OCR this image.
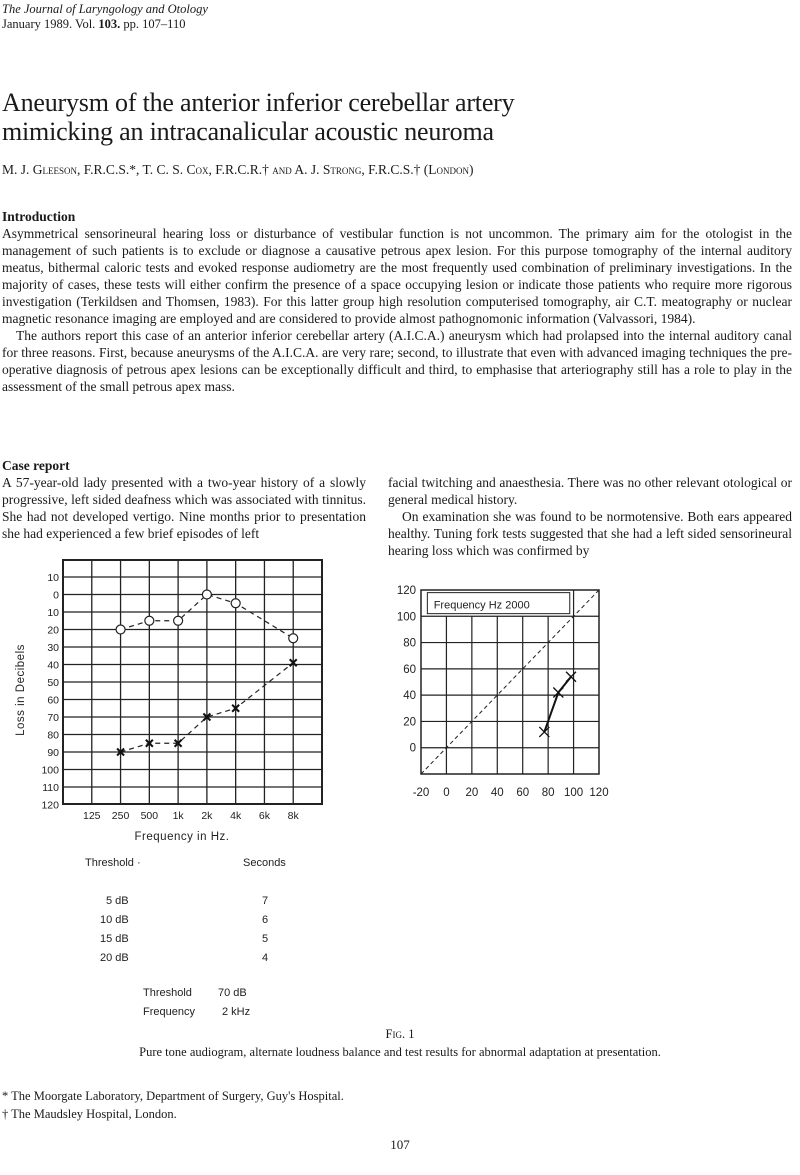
The Journal of Laryngology and Otology
January 1989. Vol. 103. pp. 107–110
Aneurysm of the anterior inferior cerebellar artery
mimicking an intracanalicular acoustic neuroma
M. J. Gleeson, F.R.C.S.*, T. C. S. Cox, F.R.C.R.† and A. J. Strong, F.R.C.S.† (London)
Introduction

Asymmetrical sensorineural hearing loss or disturbance of vestibular function is not uncommon. The primary aim for the otologist in the management of such patients is to exclude or diagnose a causative petrous apex lesion. For this purpose tomography of the internal auditory meatus, bithermal caloric tests and evoked response audiometry are the most frequently used combination of preliminary investigations. In the majority of cases, these tests will either confirm the presence of a space occupying lesion or indicate those patients who require more rigorous investigation (Terkildsen and Thomsen, 1983). For this latter group high resolution computerised tomography, air C.T. meatography or nuclear magnetic resonance imaging are employed and are considered to provide almost pathognomonic information (Valvassori, 1984).

The authors report this case of an anterior inferior cerebellar artery (A.I.C.A.) aneurysm which had prolapsed into the internal auditory canal for three reasons. First, because aneurysms of the A.I.C.A. are very rare; second, to illustrate that even with advanced imaging techniques the pre-operative diagnosis of petrous apex lesions can be exceptionally difficult and third, to emphasise that arteriography still has a role to play in the assessment of the small petrous apex mass.

Case report

A 57-year-old lady presented with a two-year history of a slowly progressive, left sided deafness which was associated with tinnitus. She had not developed vertigo. Nine months prior to presentation she had experienced a few brief episodes of left

facial twitching and anaesthesia. There was no other relevant otological or general medical history.

On examination she was found to be normotensive. Both ears appeared healthy. Tuning fork tests suggested that she had a left sided sensorineural hearing loss which was confirmed by

10
0
10
20
30
40
50
60
70
80
90
100
110
120
125 250 500 1k 2k 4k 6k 8k
Frequency in Hz.
Loss in Decibels
Frequency Hz 2000
-20 0 20 40 60 80 100 120
120
100
80
60
40
20
0
Threshold ·	Seconds
5 dB	7
10 dB	6
15 dB	5
20 dB	4
Threshold 70 dB
Frequency 2 kHz
Fig. 1
Pure tone audiogram, alternate loudness balance and test results for abnormal adaptation at presentation.
* The Moorgate Laboratory, Department of Surgery, Guy's Hospital.
† The Maudsley Hospital, London.
107
